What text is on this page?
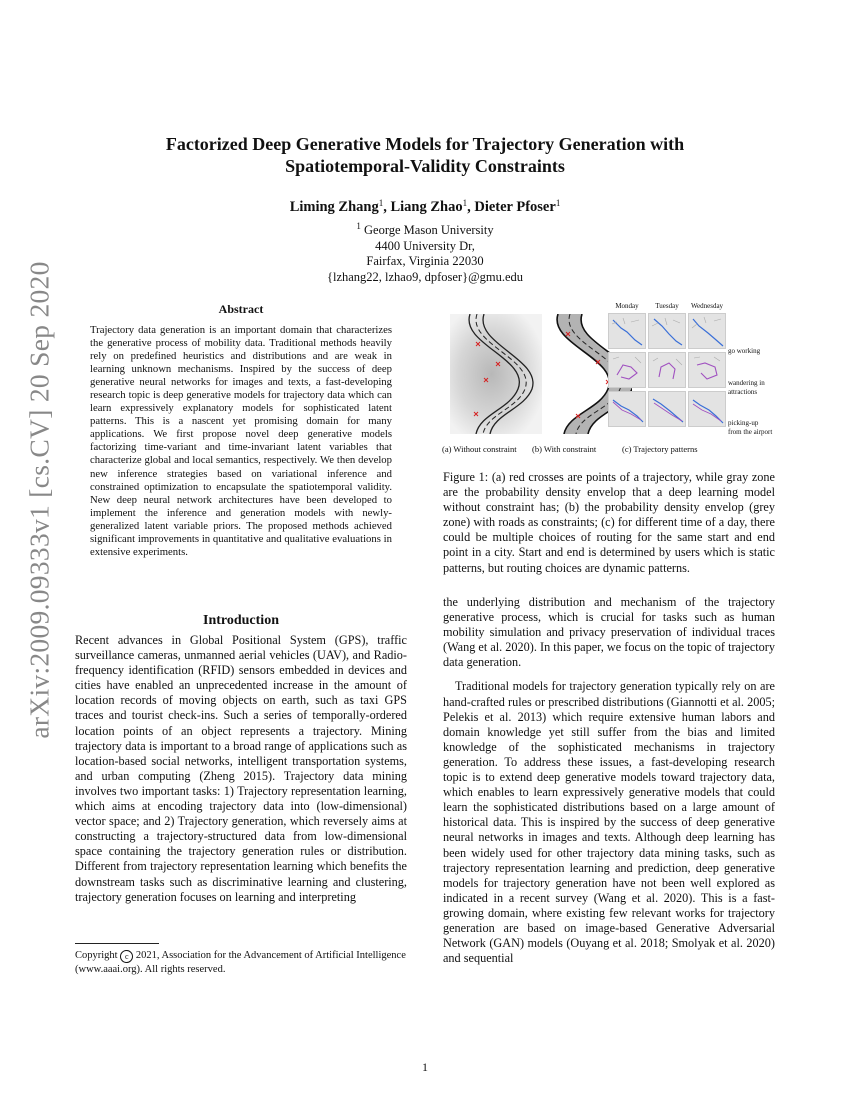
arXiv:2009.09333v1 [cs.CV] 20 Sep 2020
Factorized Deep Generative Models for Trajectory Generation with
Spatiotemporal-Validity Constraints
Liming Zhang$^1$, Liang Zhao$^1$, Dieter Pfoser$^1$
$^1$ George Mason University
4400 University Dr,
Fairfax, Virginia 22030
{lzhang22, lzhao9, dpfoser}@gmu.edu
Abstract
Trajectory data generation is an important domain that characterizes the generative process of mobility data. Traditional methods heavily rely on predefined heuristics and distributions and are weak in learning unknown mechanisms. Inspired by the success of deep generative neural networks for images and texts, a fast-developing research topic is deep generative models for trajectory data which can learn expressively explanatory models for sophisticated latent patterns. This is a nascent yet promising domain for many applications. We first propose novel deep generative models factorizing time-variant and time-invariant latent variables that characterize global and local semantics, respectively. We then develop new inference strategies based on variational inference and constrained optimization to encapsulate the spatiotemporal validity. New deep neural network architectures have been developed to implement the inference and generation models with newly-generalized latent variable priors. The proposed methods achieved significant improvements in quantitative and qualitative evaluations in extensive experiments.
Introduction
Recent advances in Global Positional System (GPS), traffic surveillance cameras, unmanned aerial vehicles (UAV), and Radio-frequency identification (RFID) sensors embedded in devices and cities have enabled an unprecedented increase in the amount of location records of moving objects on earth, such as taxi GPS traces and tourist check-ins. Such a series of temporally-ordered location points of an object represents a trajectory. Mining trajectory data is important to a broad range of applications such as location-based social networks, intelligent transportation systems, and urban computing (Zheng 2015). Trajectory data mining involves two important tasks: 1) Trajectory representation learning, which aims at encoding trajectory data into (low-dimensional) vector space; and 2) Trajectory generation, which reversely aims at constructing a trajectory-structured data from low-dimensional space containing the trajectory generation rules or distribution. Different from trajectory representation learning which benefits the downstream tasks such as discriminative learning and clustering, trajectory generation focuses on learning and interpreting
Copyright c 2021, Association for the Advancement of Artificial Intelligence (www.aaai.org). All rights reserved.
Monday	Tuesday	Wednesday
go working
wandering in
attractions
picking-up
from the airport
(a) Without constraint (b) With constraint	(c) Trajectory patterns
Figure 1: (a) red crosses are points of a trajectory, while gray zone are the probability density envelop that a deep learning model without constraint has; (b) the probability density envelop (grey zone) with roads as constraints; (c) for different time of a day, there could be multiple choices of routing for the same start and end point in a city. Start and end is determined by users which is static patterns, but routing choices are dynamic patterns.

the underlying distribution and mechanism of the trajectory generative process, which is crucial for tasks such as human mobility simulation and privacy preservation of individual traces (Wang et al. 2020). In this paper, we focus on the topic of trajectory data generation.

Traditional models for trajectory generation typically rely on are hand-crafted rules or prescribed distributions (Giannotti et al. 2005; Pelekis et al. 2013) which require extensive human labors and domain knowledge yet still suffer from the bias and limited knowledge of the sophisticated mechanisms in trajectory generation. To address these issues, a fast-developing research topic is to extend deep generative models toward trajectory data, which enables to learn expressively generative models that could learn the sophisticated distributions based on a large amount of historical data. This is inspired by the success of deep generative neural networks in images and texts. Although deep learning has been widely used for other trajectory data mining tasks, such as trajectory representation learning and prediction, deep generative models for trajectory generation have not been well explored as indicated in a recent survey (Wang et al. 2020). This is a fast-growing domain, where existing few relevant works for trajectory generation are based on image-based Generative Adversarial Network (GAN) models (Ouyang et al. 2018; Smolyak et al. 2020) and sequential

1
